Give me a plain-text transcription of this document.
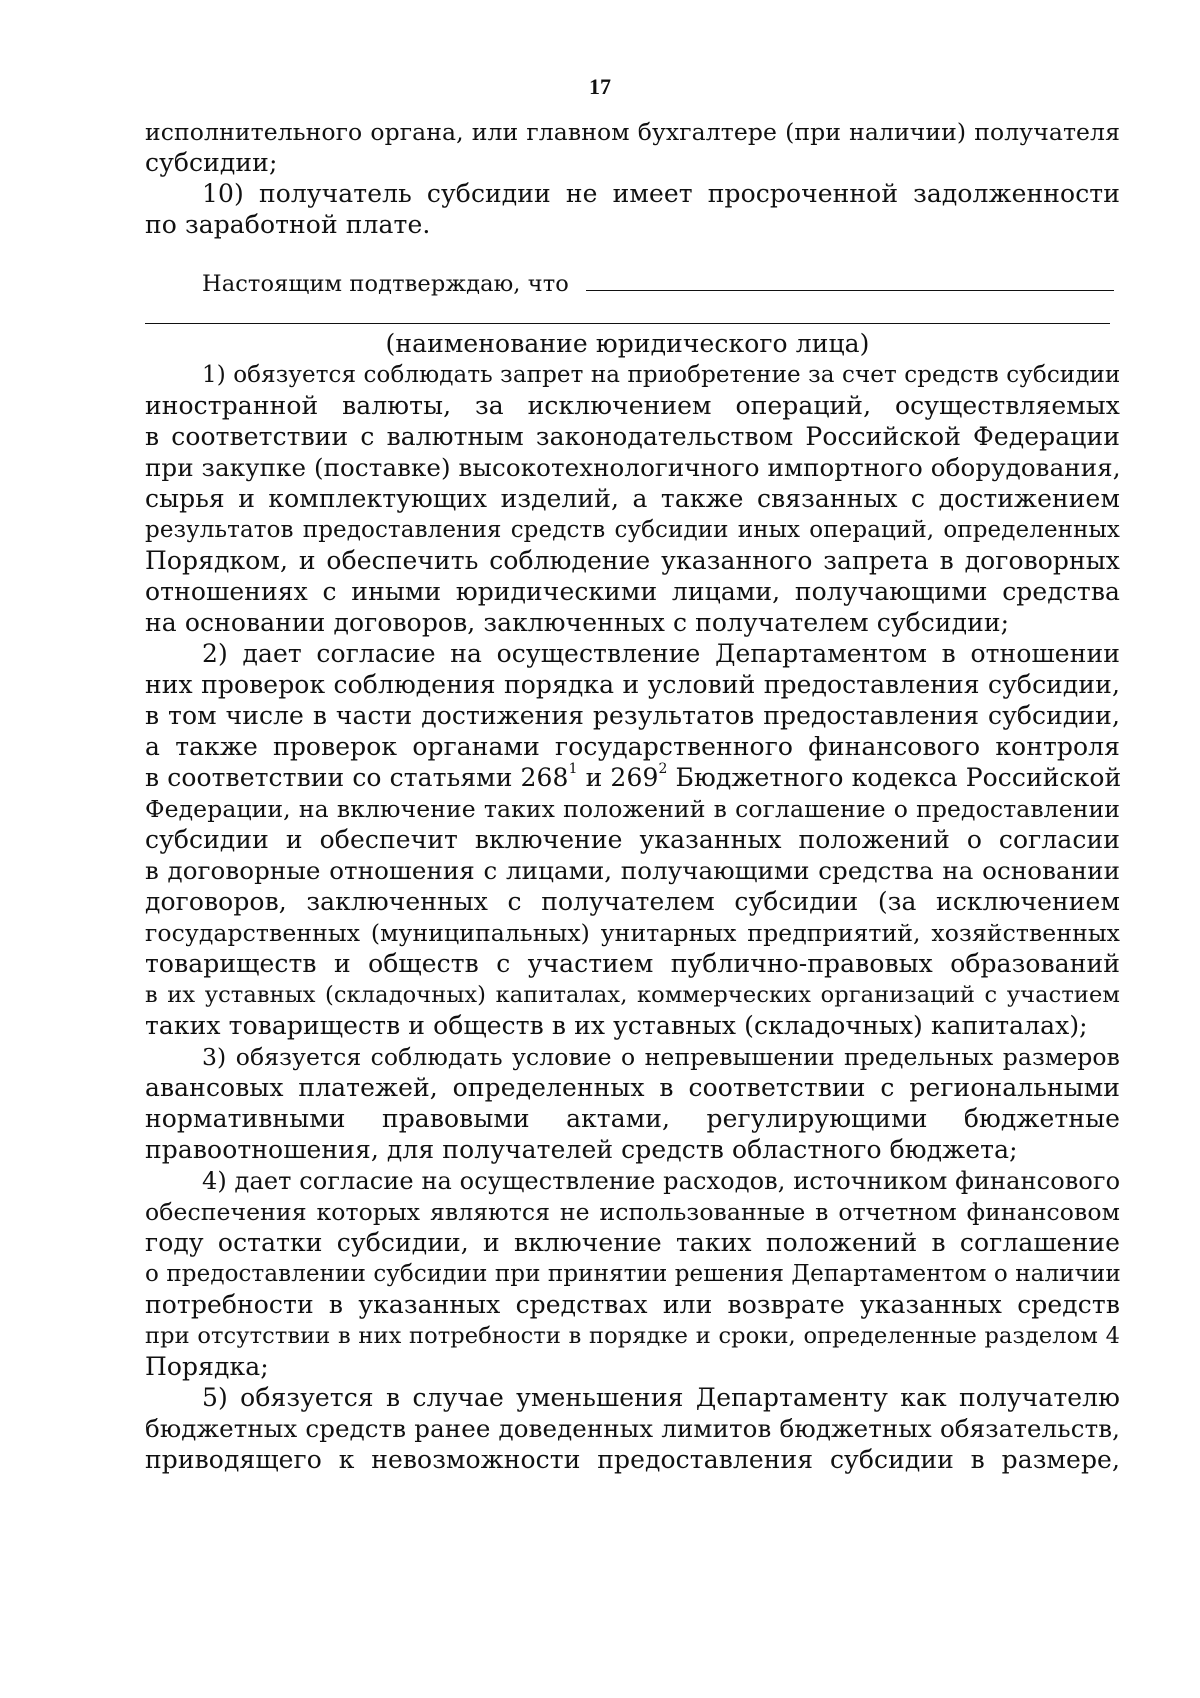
17
исполнительного органа, или главном бухгалтере (при наличии) получателя
субсидии;
10) получатель субсидии не имеет просроченной задолженности
по заработной плате.
Настоящим подтверждаю, что
(наименование юридического лица)
1) обязуется соблюдать запрет на приобретение за счет средств субсидии
иностранной валюты, за исключением операций, осуществляемых
в соответствии с валютным законодательством Российской Федерации
при закупке (поставке) высокотехнологичного импортного оборудования,
сырья и комплектующих изделий, а также связанных с достижением
результатов предоставления средств субсидии иных операций, определенных
Порядком, и обеспечить соблюдение указанного запрета в договорных
отношениях с иными юридическими лицами, получающими средства
на основании договоров, заключенных с получателем субсидии;
2) дает согласие на осуществление Департаментом в отношении
них проверок соблюдения порядка и условий предоставления субсидии,
в том числе в части достижения результатов предоставления субсидии,
а также проверок органами государственного финансового контроля
в соответствии со статьями $268^1$ и $269^2$ Бюджетного кодекса Российской
Федерации, на включение таких положений в соглашение о предоставлении
субсидии и обеспечит включение указанных положений о согласии
в договорные отношения с лицами, получающими средства на основании
договоров, заключенных с получателем субсидии (за исключением
государственных (муниципальных) унитарных предприятий, хозяйственных
товариществ и обществ с участием публично-правовых образований
в их уставных (складочных) капиталах, коммерческих организаций с участием
таких товариществ и обществ в их уставных (складочных) капиталах);
3) обязуется соблюдать условие о непревышении предельных размеров
авансовых платежей, определенных в соответствии с региональными
нормативными правовыми актами, регулирующими бюджетные
правоотношения, для получателей средств областного бюджета;
4) дает согласие на осуществление расходов, источником финансового
обеспечения которых являются не использованные в отчетном финансовом
году остатки субсидии, и включение таких положений в соглашение
о предоставлении субсидии при принятии решения Департаментом о наличии
потребности в указанных средствах или возврате указанных средств
при отсутствии в них потребности в порядке и сроки, определенные разделом 4
Порядка;
5) обязуется в случае уменьшения Департаменту как получателю
бюджетных средств ранее доведенных лимитов бюджетных обязательств,
приводящего к невозможности предоставления субсидии в размере,
